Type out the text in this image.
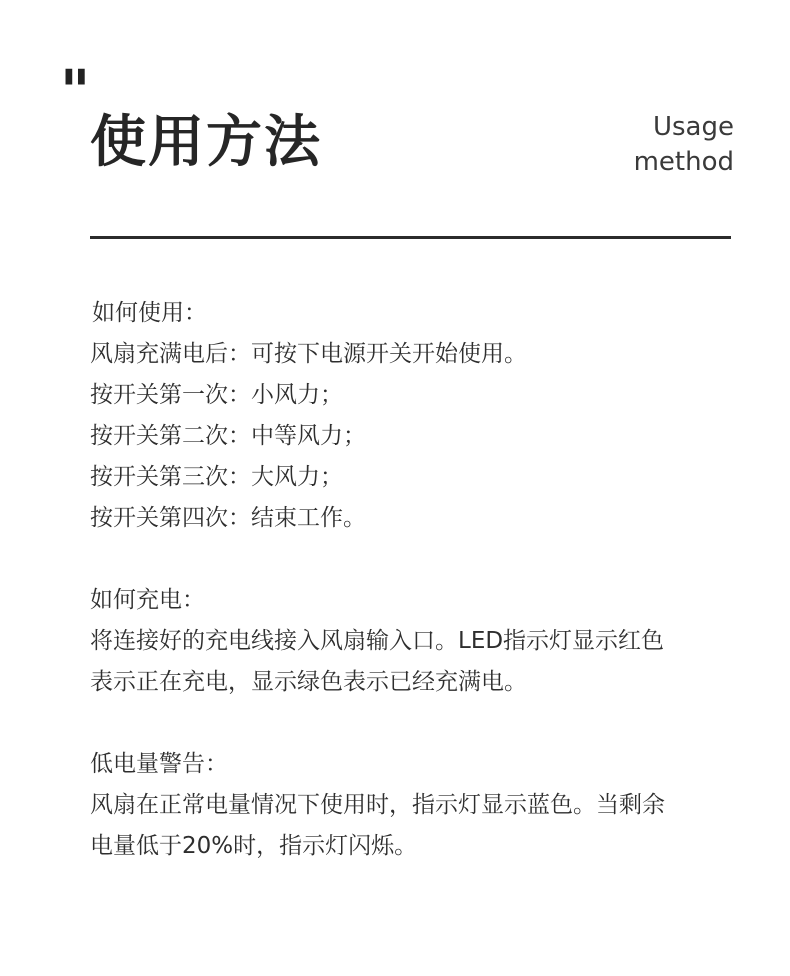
"
使用方法	Usage
method

如何使用：

风扇充满电后：可按下电源开关开始使用。

按开关第一次：小风力；

按开关第二次：中等风力；

按开关第三次：大风力；

按开关第四次：结束工作。

如何充电：

将连接好的充电线接入风扇输入口。LED指示灯显示红色

表示正在充电，显示绿色表示已经充满电。

低电量警告：

风扇在正常电量情况下使用时，指示灯显示蓝色。当剩余

电量低于20%时，指示灯闪烁。
